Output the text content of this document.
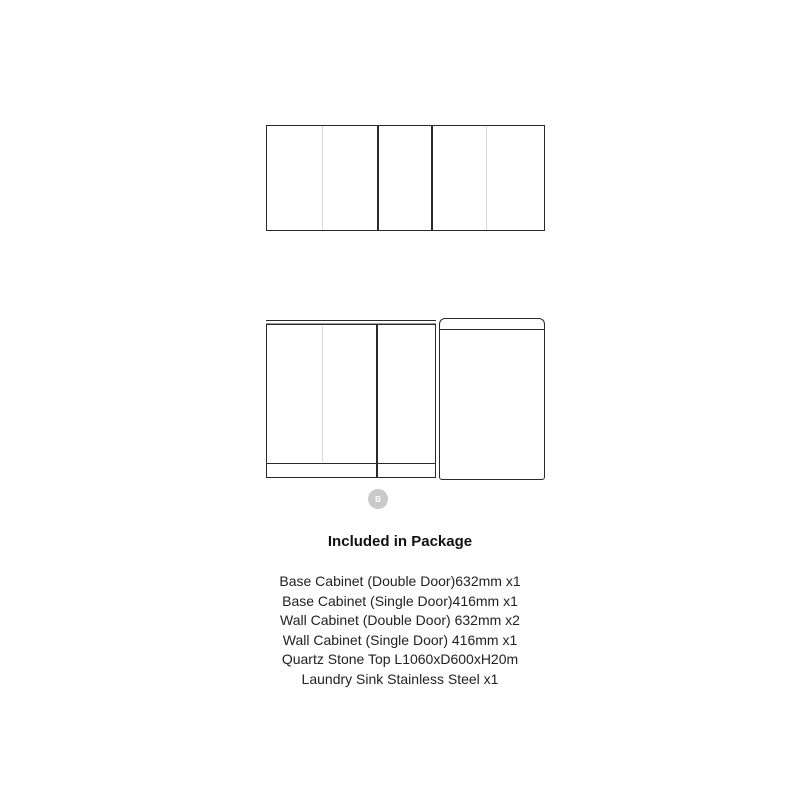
B
Included in Package
Base Cabinet (Double Door)632mm x1
Base Cabinet (Single Door)416mm x1
Wall Cabinet (Double Door) 632mm x2
Wall Cabinet (Single Door) 416mm x1
Quartz Stone Top L1060xD600xH20m
Laundry Sink Stainless Steel x1
